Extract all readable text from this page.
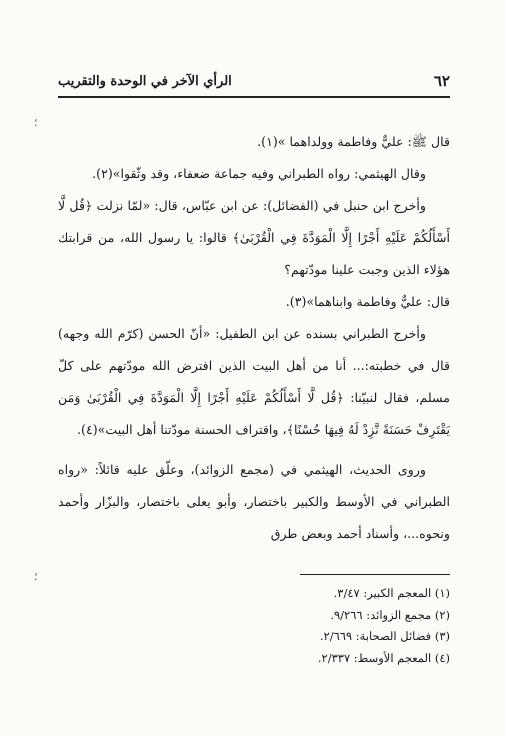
؛
؛
٦٢
الرأي الآخر في الوحدة والتقريب

قال ﷺ: عليٌّ وفاطمة وولداهما »(١).

وقال الهيثمي: رواه الطبراني وفيه جماعة ضعفاء، وقد وثّقوا»(٢).

وأخرج ابن حنبل في (الفضائل): عن ابن عبّاس، قال: «لمّا نزلت ﴿قُل لَّا أَسْأَلُكُمْ عَلَيْهِ أَجْرًا إِلَّا الْمَوَدَّةَ فِي الْقُرْبَىٰ﴾ قالوا: يا رسول الله، من قرابتك هؤلاء الذين وجبت علينا مودّتهم؟

قال: عليٌّ وفاطمة وابناهما»(٣).

وأخرج الطبراني بسنده عن ابن الطفيل: «أنّ الحسن (كرّم الله وجهه) قال في خطبته:... أنا من أهل البيت الذين افترض الله مودّتهم على كلّ مسلم، فقال لنبيّنا: ﴿قُل لَّا أَسْأَلُكُمْ عَلَيْهِ أَجْرًا إِلَّا الْمَوَدَّةَ فِي الْقُرْبَىٰ وَمَن يَقْتَرِفْ حَسَنَةً نَّزِدْ لَهُ فِيهَا حُسْنًا﴾، واقتراف الحسنة مودّتنا أهل البيت»(٤).

وروى الحديث، الهيثمي في (مجمع الزوائد)، وعلّق عليه قائلاً: «رواه الطبراني في الأوسط والكبير باختصار، وأبو يعلى باختصار، والبزّار وأحمد ونحوه...، وأسناد أحمد وبعض طرق

(١) المعجم الكبير: ٣/٤٧.

(٢) مجمع الزوائد: ٩/٢٦٦.

(٣) فضائل الصحابة: ٢/٦٦٩.

(٤) المعجم الأوسط: ٢/٣٣٧.
